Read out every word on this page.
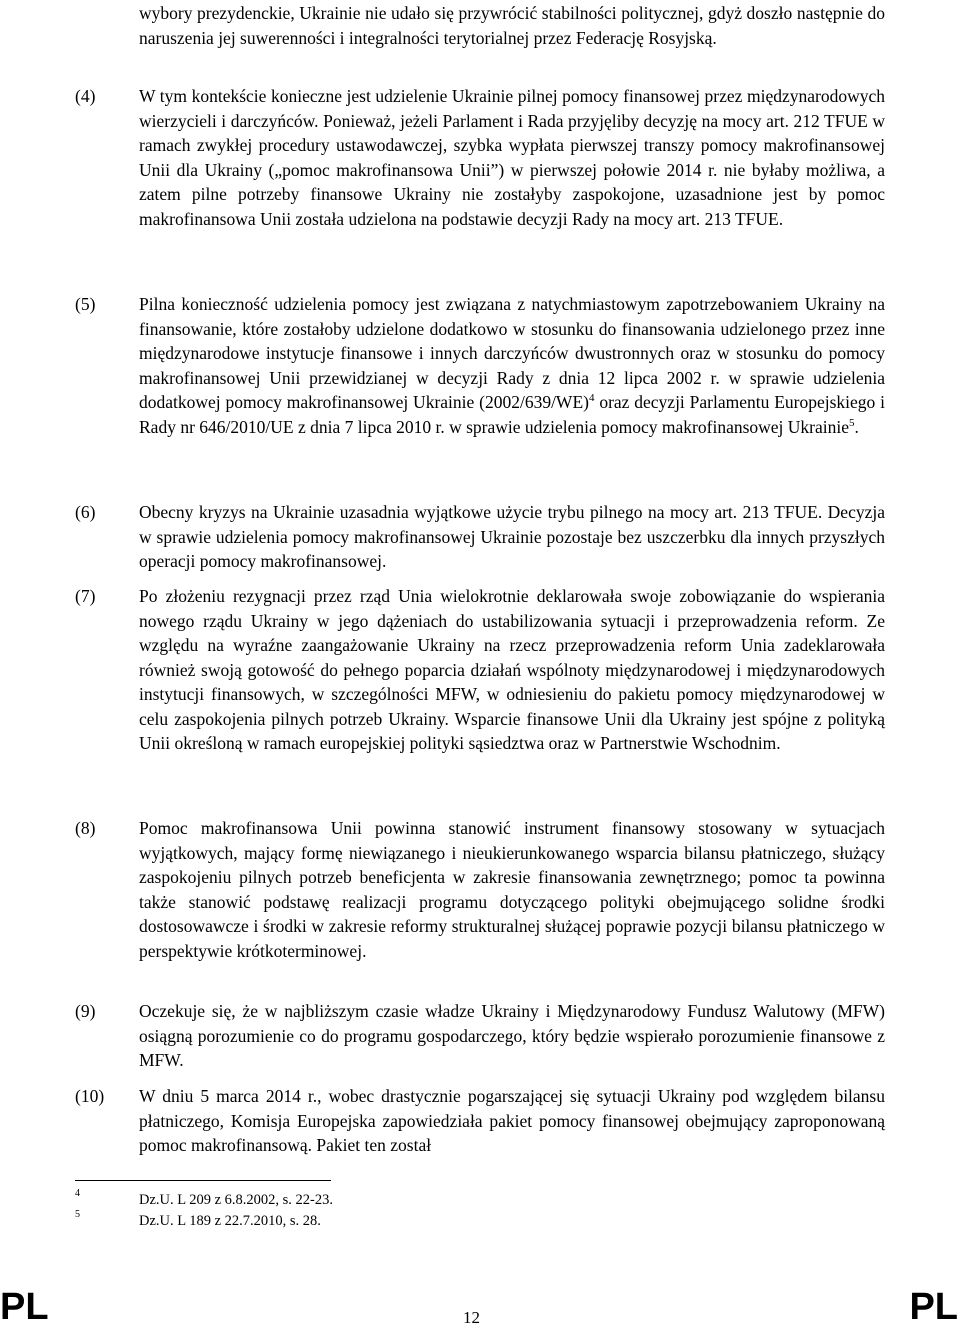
wybory prezydenckie, Ukrainie nie udało się przywrócić stabilności politycznej, gdyż doszło następnie do naruszenia jej suwerenności i integralności terytorialnej przez Federację Rosyjską.
(4) W tym kontekście konieczne jest udzielenie Ukrainie pilnej pomocy finansowej przez międzynarodowych wierzycieli i darczyńców. Ponieważ, jeżeli Parlament i Rada przyjęliby decyzję na mocy art. 212 TFUE w ramach zwykłej procedury ustawodawczej, szybka wypłata pierwszej transzy pomocy makrofinansowej Unii dla Ukrainy („pomoc makrofinansowa Unii”) w pierwszej połowie 2014 r. nie byłaby możliwa, a zatem pilne potrzeby finansowe Ukrainy nie zostałyby zaspokojone, uzasadnione jest by pomoc makrofinansowa Unii została udzielona na podstawie decyzji Rady na mocy art. 213 TFUE.
(5) Pilna konieczność udzielenia pomocy jest związana z natychmiastowym zapotrzebowaniem Ukrainy na finansowanie, które zostałoby udzielone dodatkowo w stosunku do finansowania udzielonego przez inne międzynarodowe instytucje finansowe i innych darczyńców dwustronnych oraz w stosunku do pomocy makrofinansowej Unii przewidzianej w decyzji Rady z dnia 12 lipca 2002 r. w sprawie udzielenia dodatkowej pomocy makrofinansowej Ukrainie $(2002/639/WE)^4$ oraz decyzji Parlamentu Europejskiego i Rady nr 646/2010/UE z dnia 7 lipca 2010 r. w sprawie udzielenia pomocy makrofinansowej Ukrainie$^5$.
(6) Obecny kryzys na Ukrainie uzasadnia wyjątkowe użycie trybu pilnego na mocy art. 213 TFUE. Decyzja w sprawie udzielenia pomocy makrofinansowej Ukrainie pozostaje bez uszczerbku dla innych przyszłych operacji pomocy makrofinansowej.
(7) Po złożeniu rezygnacji przez rząd Unia wielokrotnie deklarowała swoje zobowiązanie do wspierania nowego rządu Ukrainy w jego dążeniach do ustabilizowania sytuacji i przeprowadzenia reform. Ze względu na wyraźne zaangażowanie Ukrainy na rzecz przeprowadzenia reform Unia zadeklarowała również swoją gotowość do pełnego poparcia działań wspólnoty międzynarodowej i międzynarodowych instytucji finansowych, w szczególności MFW, w odniesieniu do pakietu pomocy międzynarodowej w celu zaspokojenia pilnych potrzeb Ukrainy. Wsparcie finansowe Unii dla Ukrainy jest spójne z polityką Unii określoną w ramach europejskiej polityki sąsiedztwa oraz w Partnerstwie Wschodnim.
(8) Pomoc makrofinansowa Unii powinna stanowić instrument finansowy stosowany w sytuacjach wyjątkowych, mający formę niewiązanego i nieukierunkowanego wsparcia bilansu płatniczego, służący zaspokojeniu pilnych potrzeb beneficjenta w zakresie finansowania zewnętrznego; pomoc ta powinna także stanowić podstawę realizacji programu dotyczącego polityki obejmującego solidne środki dostosowawcze i środki w zakresie reformy strukturalnej służącej poprawie pozycji bilansu płatniczego w perspektywie krótkoterminowej.
(9) Oczekuje się, że w najbliższym czasie władze Ukrainy i Międzynarodowy Fundusz Walutowy (MFW) osiągną porozumienie co do programu gospodarczego, który będzie wspierało porozumienie finansowe z MFW.
(10) W dniu 5 marca 2014 r., wobec drastycznie pogarszającej się sytuacji Ukrainy pod względem bilansu płatniczego, Komisja Europejska zapowiedziała pakiet pomocy finansowej obejmujący zaproponowaną pomoc makrofinansową. Pakiet ten został
4	Dz.U. L 209 z 6.8.2002, s. 22-23.
5	Dz.U. L 189 z 22.7.2010, s. 28.
PL	12	PL
